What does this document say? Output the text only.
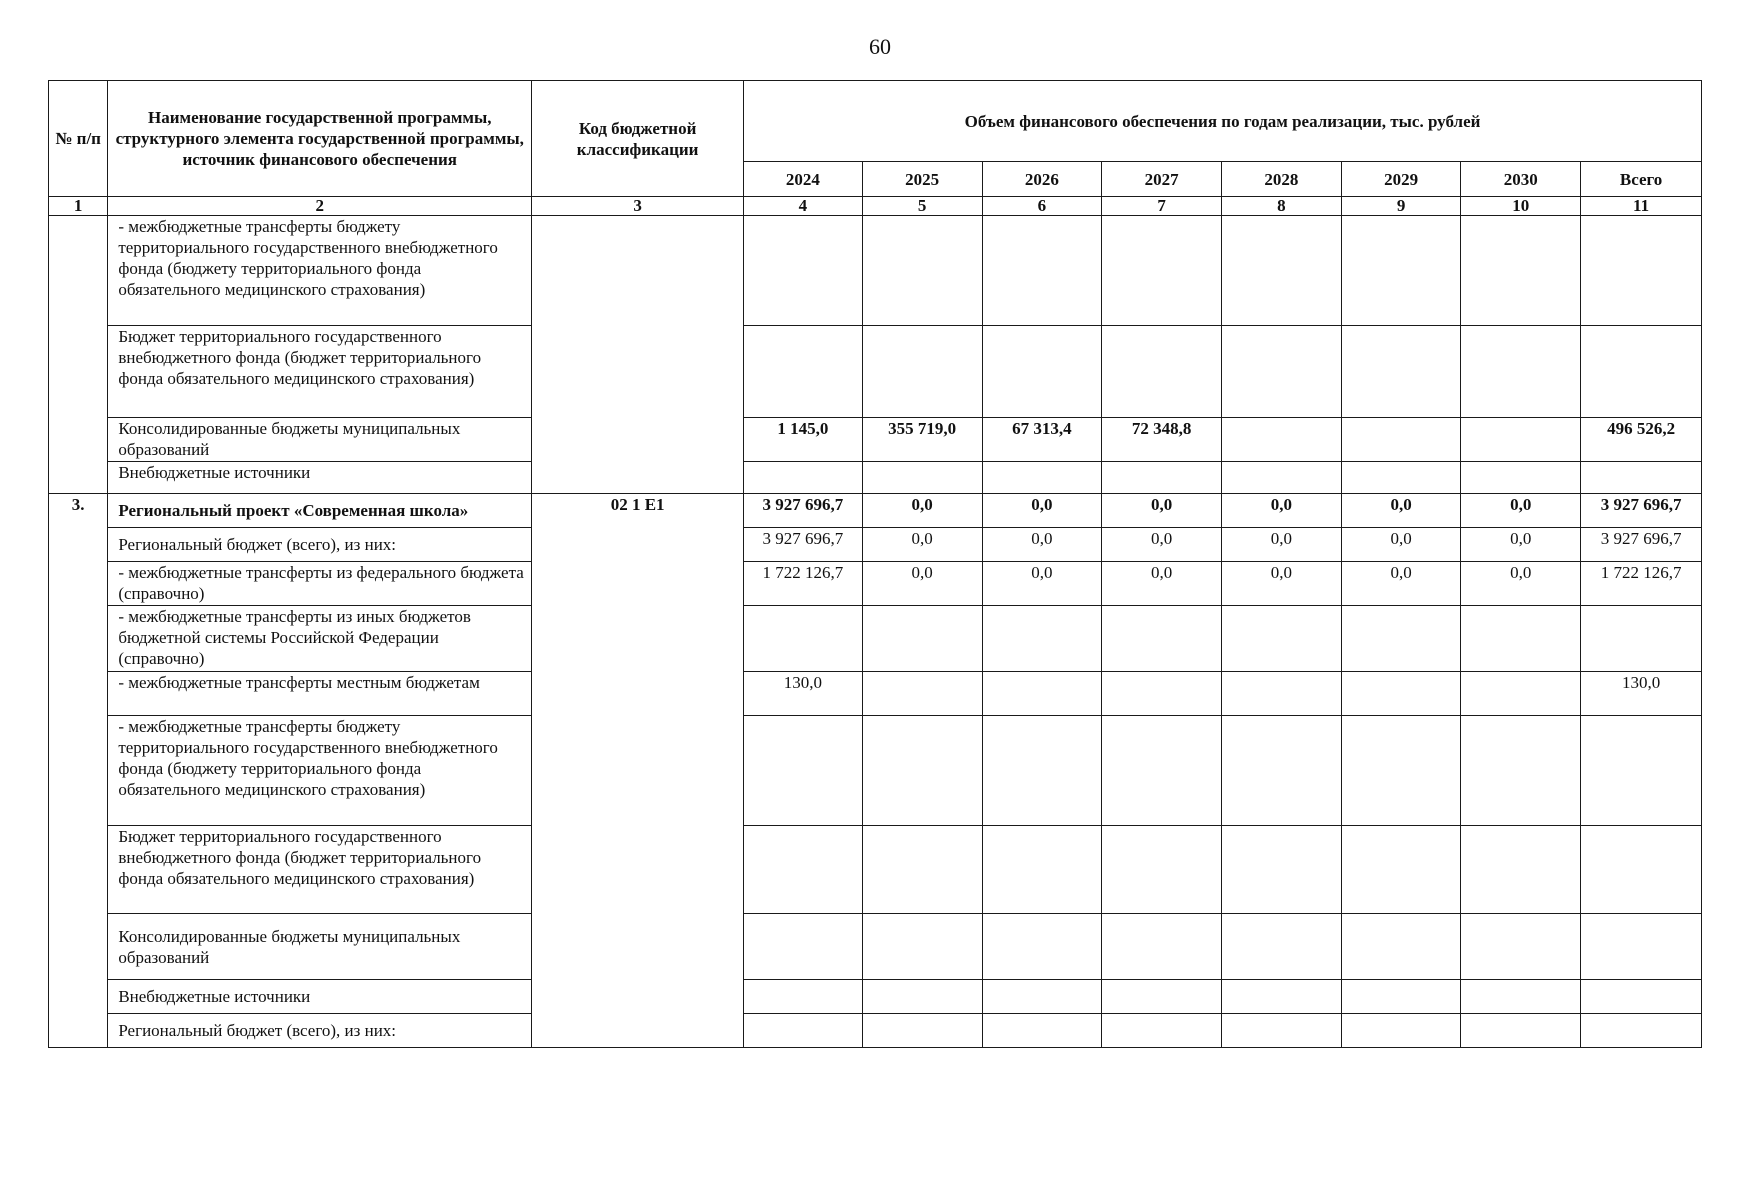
60
№ п/п	Наименование государственной программы, структурного элемента государственной программы, источник финансового обеспечения	Код бюджетной классификации	Объем финансового обеспечения по годам реализации, тыс. рублей							
			2024	2025	2026	2027	2028	2029	2030	Всего
1	2	3	4	5	6	7	8	9	10	11
	- межбюджетные трансферты бюджету территориального государственного внебюджетного фонда (бюджету территориального фонда обязательного медицинского страхования)									
	Бюджет территориального государственного внебюджетного фонда (бюджет территориального фонда обязательного медицинского страхования)									
	Консолидированные бюджеты муниципальных образований		1 145,0	355 719,0	67 313,4	72 348,8				496 526,2
	Внебюджетные источники									
3.	Региональный проект «Современная школа»	02 1 E1	3 927 696,7	0,0	0,0	0,0	0,0	0,0	0,0	3 927 696,7
	Региональный бюджет (всего), из них:		3 927 696,7	0,0	0,0	0,0	0,0	0,0	0,0	3 927 696,7
	- межбюджетные трансферты из федерального бюджета (справочно)		1 722 126,7	0,0	0,0	0,0	0,0	0,0	0,0	1 722 126,7
	- межбюджетные трансферты из иных бюджетов бюджетной системы Российской Федерации (справочно)									
	- межбюджетные трансферты местным бюджетам		130,0							130,0
	- межбюджетные трансферты бюджету территориального государственного внебюджетного фонда (бюджету территориального фонда обязательного медицинского страхования)									
	Бюджет территориального государственного внебюджетного фонда (бюджет территориального фонда обязательного медицинского страхования)									
	Консолидированные бюджеты муниципальных образований									
	Внебюджетные источники									
	Региональный бюджет (всего), из них:									
